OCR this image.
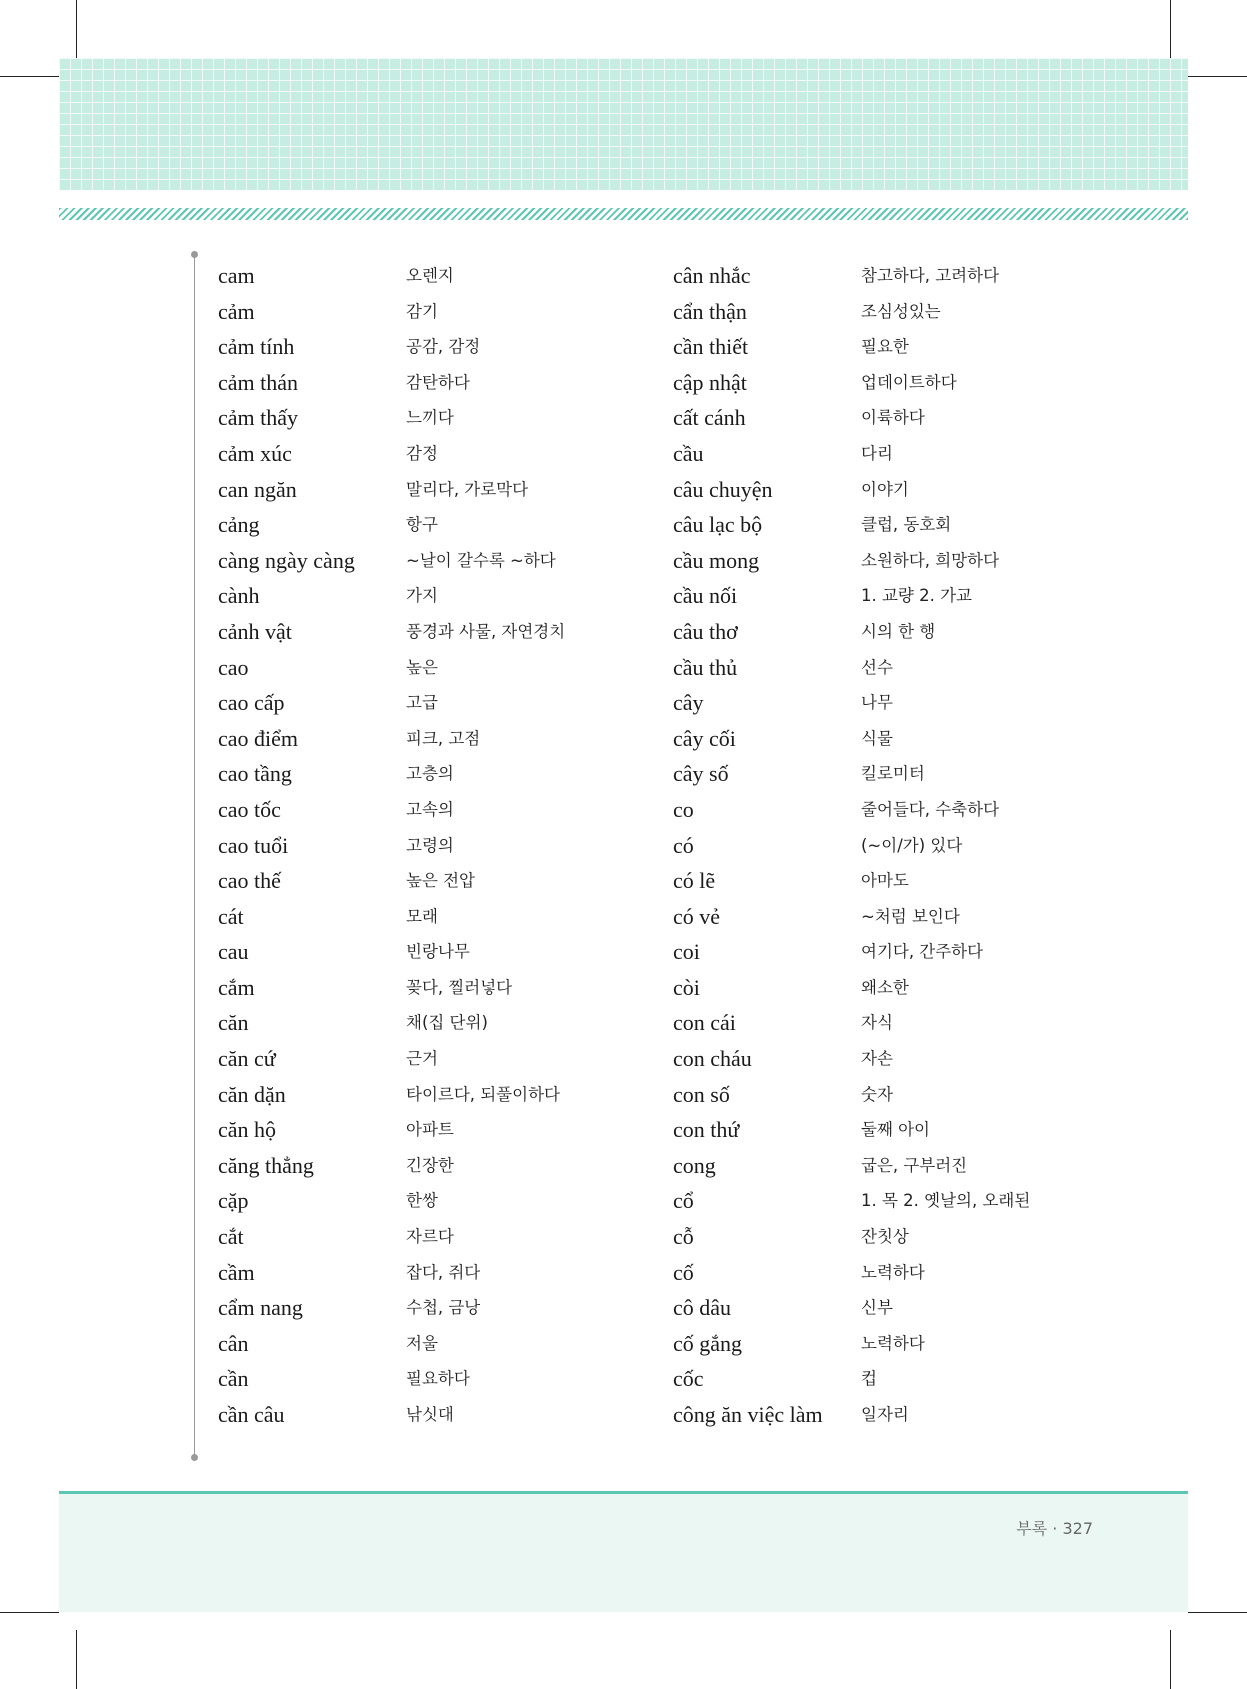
cam	오렌지
cảm	감기
cảm tính	공감, 감정
cảm thán	감탄하다
cảm thấy	느끼다
cảm xúc	감정
can ngăn	말리다, 가로막다
cảng	항구
càng ngày càng	~날이 갈수록 ~하다
cành	가지
cảnh vật	풍경과 사물, 자연경치
cao	높은
cao cấp	고급
cao điểm	피크, 고점
cao tầng	고층의
cao tốc	고속의
cao tuổi	고령의
cao thế	높은 전압
cát	모래
cau	빈랑나무
cắm	꽂다, 찔러넣다
căn	채(집 단위)
căn cứ	근거
căn dặn	타이르다, 되풀이하다
căn hộ	아파트
căng thẳng	긴장한
cặp	한쌍
cắt	자르다
cầm	잡다, 쥐다
cẩm nang	수첩, 금낭
cân	저울
cần	필요하다
cần câu	낚싯대
cân nhắc	참고하다, 고려하다
cẩn thận	조심성있는
cần thiết	필요한
cập nhật	업데이트하다
cất cánh	이륙하다
cầu	다리
câu chuyện	이야기
câu lạc bộ	클럽, 동호회
cầu mong	소원하다, 희망하다
cầu nối	1. 교량 2. 가교
câu thơ	시의 한 행
cầu thủ	선수
cây	나무
cây cối	식물
cây số	킬로미터
co	줄어들다, 수축하다
có	(~이/가) 있다
có lẽ	아마도
có vẻ	~처럼 보인다
coi	여기다, 간주하다
còi	왜소한
con cái	자식
con cháu	자손
con số	숫자
con thứ	둘째 아이
cong	굽은, 구부러진
cổ	1. 목 2. 옛날의, 오래된
cỗ	잔칫상
cố	노력하다
cô dâu	신부
cố gắng	노력하다
cốc	컵
công ăn việc làm 일자리
부록 · 327
